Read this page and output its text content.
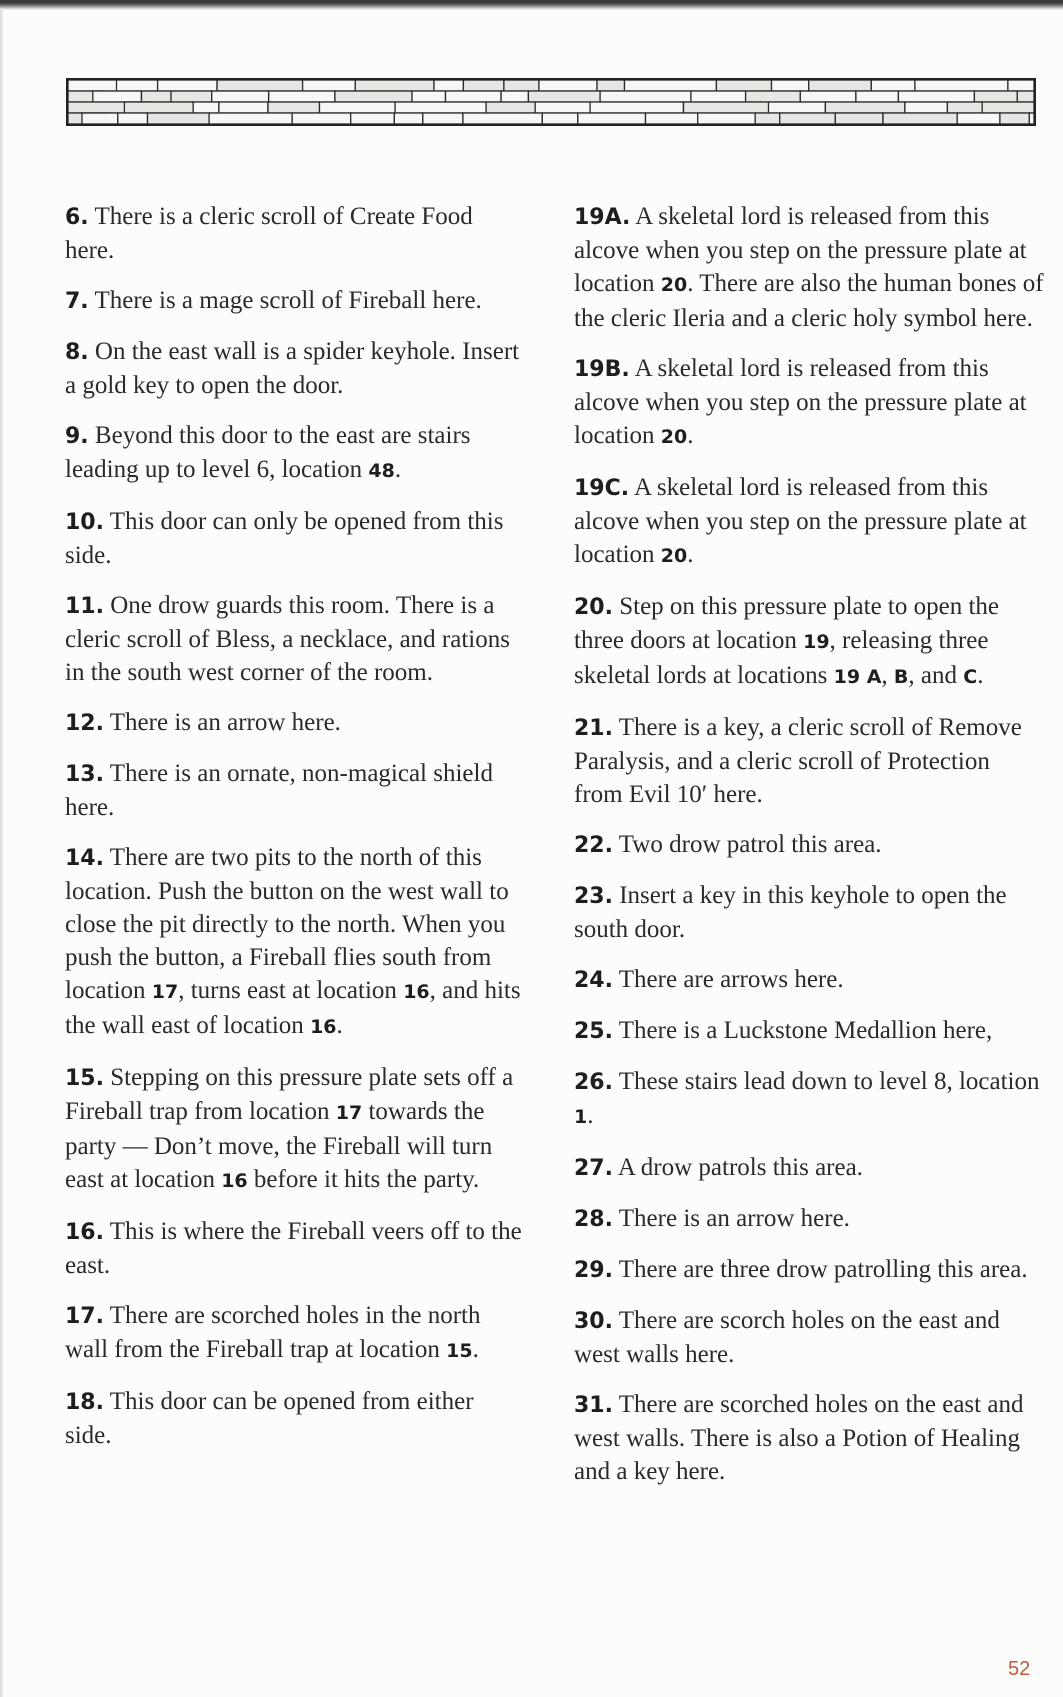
6. There is a cleric scroll of Create Food here.

7. There is a mage scroll of Fireball here.

8. On the east wall is a spider keyhole. Insert a gold key to open the door.

9. Beyond this door to the east are stairs leading up to level 6, location 48.

10. This door can only be opened from this side.

11. One drow guards this room. There is a cleric scroll of Bless, a necklace, and rations in the south west corner of the room.

12. There is an arrow here.

13. There is an ornate, non-magical shield here.

14. There are two pits to the north of this location. Push the button on the west wall to close the pit directly to the north. When you push the button, a Fireball flies south from location 17, turns east at location 16, and hits the wall east of location 16.

15. Stepping on this pressure plate sets off a Fireball trap from location 17 towards the party — Don’t move, the Fireball will turn east at location 16 before it hits the party.

16. This is where the Fireball veers off to the east.

17. There are scorched holes in the north wall from the Fireball trap at location 15.

18. This door can be opened from either side.

19A. A skeletal lord is released from this alcove when you step on the pressure plate at location 20. There are also the human bones of the cleric Ileria and a cleric holy symbol here.

19B. A skeletal lord is released from this alcove when you step on the pressure plate at location 20.

19C. A skeletal lord is released from this alcove when you step on the pressure plate at location 20.

20. Step on this pressure plate to open the three doors at location 19, releasing three skeletal lords at locations 19 A, B, and C.

21. There is a key, a cleric scroll of Remove Paralysis, and a cleric scroll of Protection from Evil 10′ here.

22. Two drow patrol this area.

23. Insert a key in this keyhole to open the south door.

24. There are arrows here.

25. There is a Luckstone Medallion here,

26. These stairs lead down to level 8, location 1.

27. A drow patrols this area.

28. There is an arrow here.

29. There are three drow patrolling this area.

30. There are scorch holes on the east and west walls here.

31. There are scorched holes on the east and west walls. There is also a Potion of Healing and a key here.

52
